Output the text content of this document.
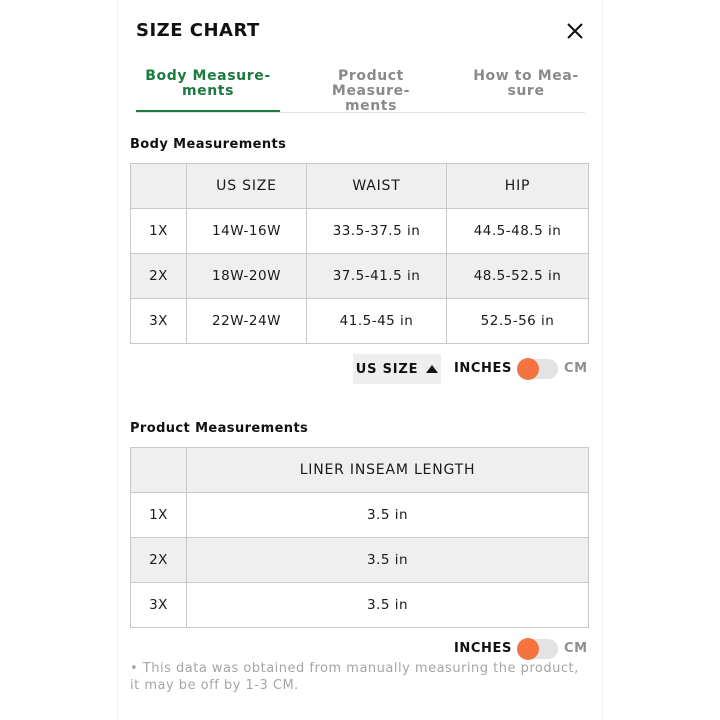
SIZE CHART
Body Measure-ments
Product Measure-ments
How to Mea-sure
Body Measurements
	US SIZE	WAIST	HIP
1X	14W-16W	33.5-37.5 in	44.5-48.5 in
2X	18W-20W	37.5-41.5 in	48.5-52.5 in
3X	22W-24W	41.5-45 in	52.5-56 in
US SIZE	INCHES	CM
Product Measurements
	LINER INSEAM LENGTH
1X	3.5 in
2X	3.5 in
3X	3.5 in
INCHES	CM
• This data was obtained from manually measuring the product, it may be off by 1-3 CM.
